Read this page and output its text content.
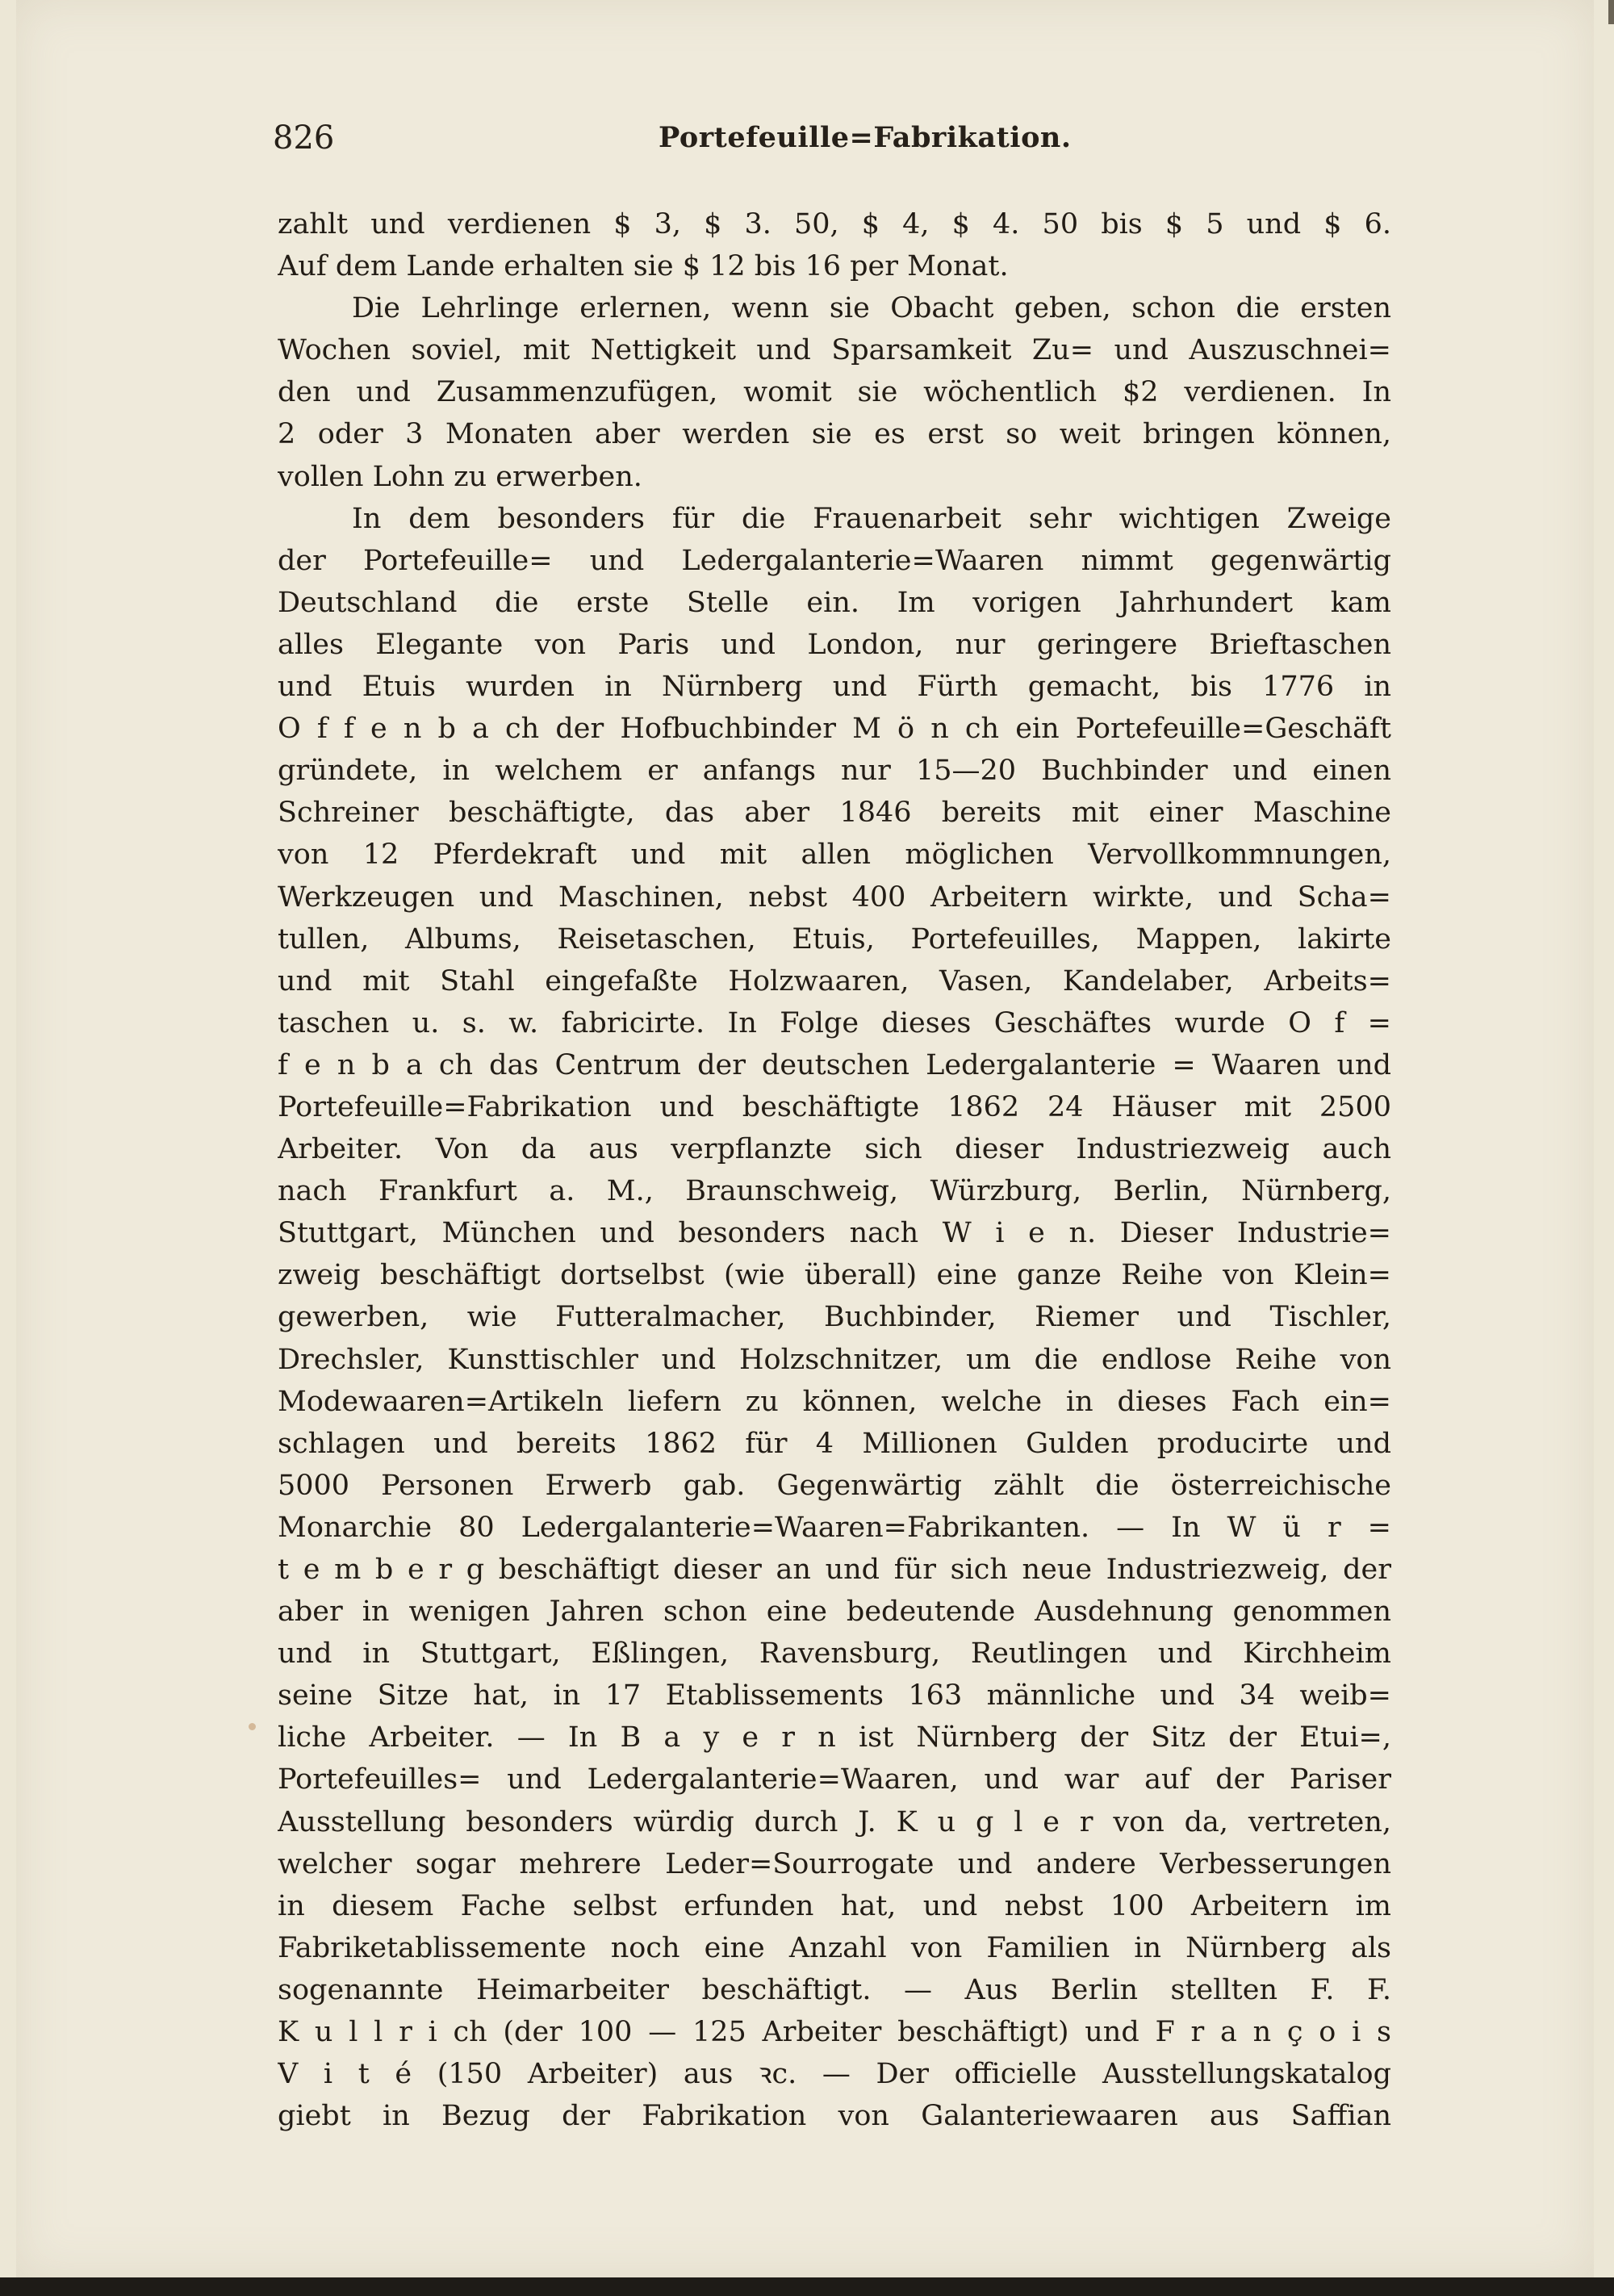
826	Portefeuille=Fabrikation.
zahlt und verdienen $ 3, $ 3. 50, $ 4, $ 4. 50 bis $ 5 und $ 6.
Auf dem Lande erhalten sie $ 12 bis 16 per Monat.
Die Lehrlinge erlernen, wenn sie Obacht geben, schon die ersten
Wochen soviel, mit Nettigkeit und Sparsamkeit Zu= und Auszuschnei=
den und Zusammenzufügen, womit sie wöchentlich $2 verdienen. In
2 oder 3 Monaten aber werden sie es erst so weit bringen können,
vollen Lohn zu erwerben.
In dem besonders für die Frauenarbeit sehr wichtigen Zweige
der Portefeuille= und Ledergalanterie=Waaren nimmt gegenwärtig
Deutschland die erste Stelle ein. Im vorigen Jahrhundert kam
alles Elegante von Paris und London, nur geringere Brieftaschen
und Etuis wurden in Nürnberg und Fürth gemacht, bis 1776 in
O f f e n b a ch der Hofbuchbinder M ö n ch ein Portefeuille=Geschäft
gründete, in welchem er anfangs nur 15—20 Buchbinder und einen
Schreiner beschäftigte, das aber 1846 bereits mit einer Maschine
von 12 Pferdekraft und mit allen möglichen Vervollkommnungen,
Werkzeugen und Maschinen, nebst 400 Arbeitern wirkte, und Scha=
tullen, Albums, Reisetaschen, Etuis, Portefeuilles, Mappen, lakirte
und mit Stahl eingefaßte Holzwaaren, Vasen, Kandelaber, Arbeits=
taschen u. s. w. fabricirte. In Folge dieses Geschäftes wurde O f =
f e n b a ch das Centrum der deutschen Ledergalanterie = Waaren und
Portefeuille=Fabrikation und beschäftigte 1862 24 Häuser mit 2500
Arbeiter. Von da aus verpflanzte sich dieser Industriezweig auch
nach Frankfurt a. M., Braunschweig, Würzburg, Berlin, Nürnberg,
Stuttgart, München und besonders nach W i e n. Dieser Industrie=
zweig beschäftigt dortselbst (wie überall) eine ganze Reihe von Klein=
gewerben, wie Futteralmacher, Buchbinder, Riemer und Tischler,
Drechsler, Kunsttischler und Holzschnitzer, um die endlose Reihe von
Modewaaren=Artikeln liefern zu können, welche in dieses Fach ein=
schlagen und bereits 1862 für 4 Millionen Gulden producirte und
5000 Personen Erwerb gab. Gegenwärtig zählt die österreichische
Monarchie 80 Ledergalanterie=Waaren=Fabrikanten. — In W ü r =
t e m b e r g beschäftigt dieser an und für sich neue Industriezweig, der
aber in wenigen Jahren schon eine bedeutende Ausdehnung genommen
und in Stuttgart, Eßlingen, Ravensburg, Reutlingen und Kirchheim
seine Sitze hat, in 17 Etablissements 163 männliche und 34 weib=
liche Arbeiter. — In B a y e r n ist Nürnberg der Sitz der Etui=,
Portefeuilles= und Ledergalanterie=Waaren, und war auf der Pariser
Ausstellung besonders würdig durch J. K u g l e r von da, vertreten,
welcher sogar mehrere Leder=Sourrogate und andere Verbesserungen
in diesem Fache selbst erfunden hat, und nebst 100 Arbeitern im
Fabriketablissemente noch eine Anzahl von Familien in Nürnberg als
sogenannte Heimarbeiter beschäftigt. — Aus Berlin stellten F. F.
K u l l r i ch (der 100 — 125 Arbeiter beschäftigt) und F r a n ç o i s
V i t é (150 Arbeiter) aus ꝛc. — Der officielle Ausstellungskatalog
giebt in Bezug der Fabrikation von Galanteriewaaren aus Saffian
